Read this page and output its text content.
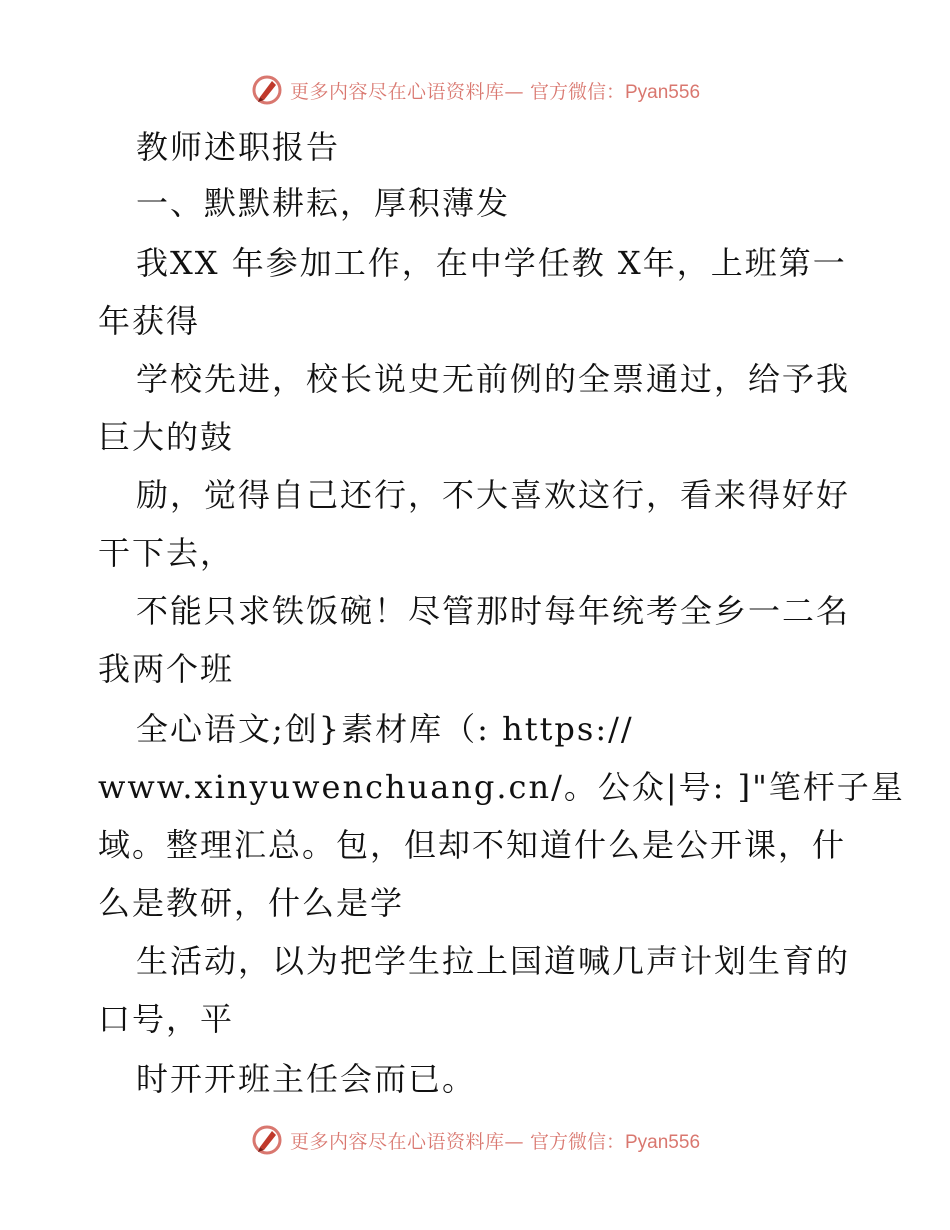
更多内容尽在心语资料库— 官方微信：Pyan556
教师述职报告
一、默默耕耘，厚积薄发
我XX 年参加工作，在中学任教 X年，上班第一
年获得
学校先进，校长说史无前例的全票通过，给予我
巨大的鼓
励，觉得自己还行，不大喜欢这行，看来得好好
干下去，
不能只求铁饭碗！尽管那时每年统考全乡一二名
我两个班
全心语文;创}素材库（: https://
www.xinyuwenchuang.cn/。公众|号: ]"笔杆子星
域。整理汇总。包，但却不知道什么是公开课，什
么是教研，什么是学
生活动，以为把学生拉上国道喊几声计划生育的
口号，平
时开开班主任会而已。
更多内容尽在心语资料库— 官方微信：Pyan556
